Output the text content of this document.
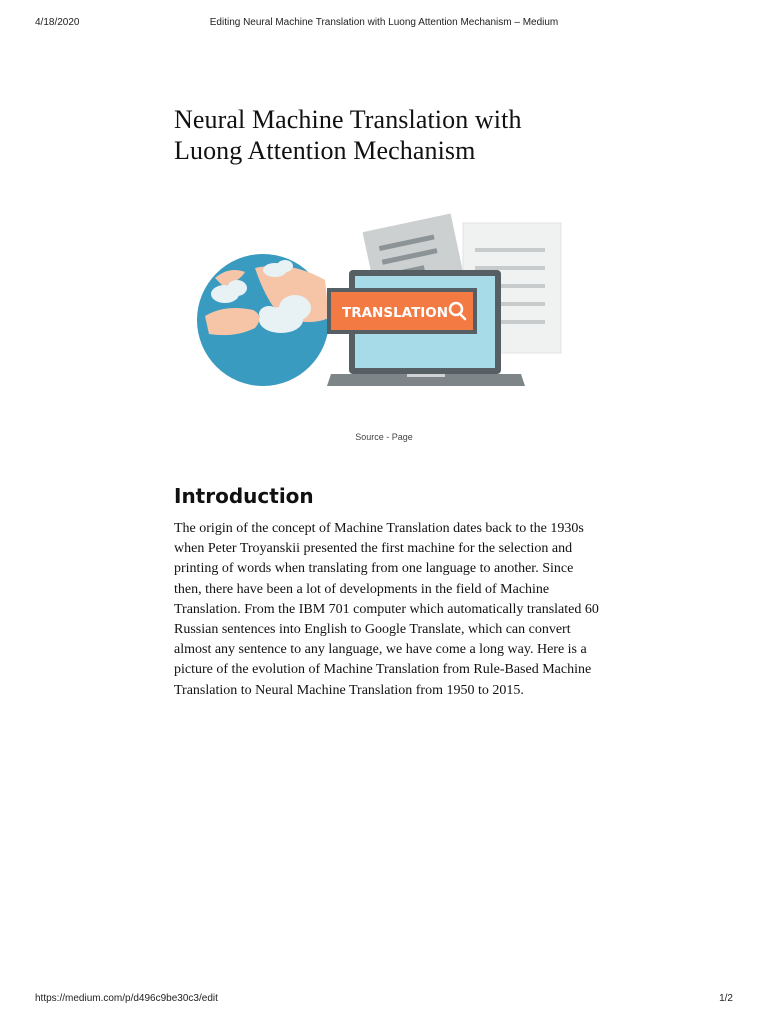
4/18/2020	Editing Neural Machine Translation with Luong Attention Mechanism – Medium
Neural Machine Translation with Luong Attention Mechanism
TRANSLATION
Source - Page
Introduction

The origin of the concept of Machine Translation dates back to the 1930s when Peter Troyanskii presented the first machine for the selection and printing of words when translating from one language to another. Since then, there have been a lot of developments in the field of Machine Translation. From the IBM 701 computer which automatically translated 60 Russian sentences into English to Google Translate, which can convert almost any sentence to any language, we have come a long way. Here is a picture of the evolution of Machine Translation from Rule-Based Machine Translation to Neural Machine Translation from 1950 to 2015.

https://medium.com/p/d496c9be30c3/edit	1/2
